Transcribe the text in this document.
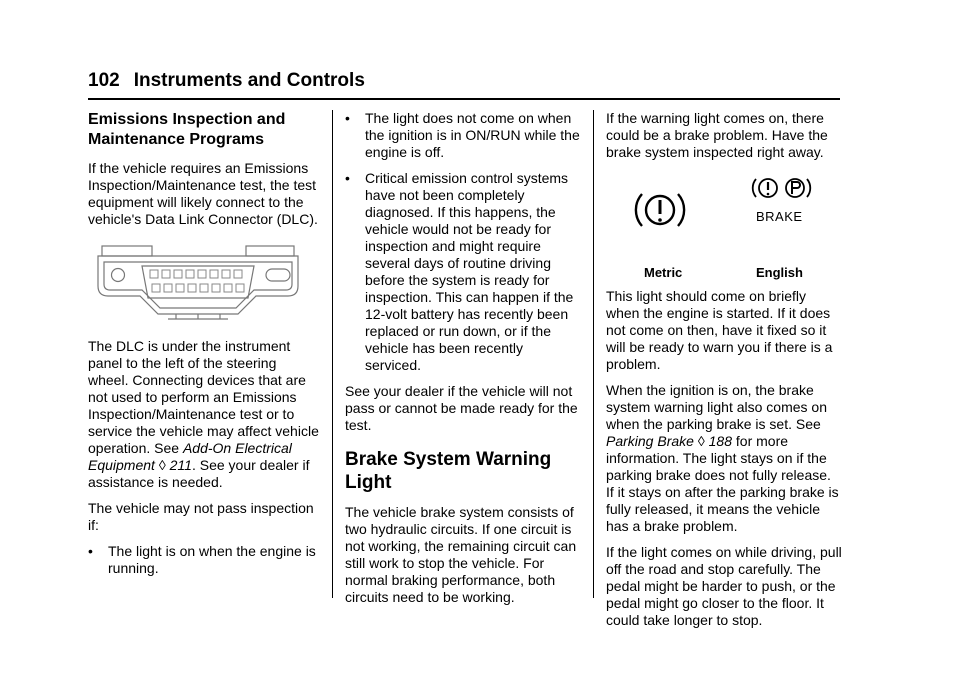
102 Instruments and Controls
Emissions Inspection and Maintenance Programs

If the vehicle requires an Emissions Inspection/Maintenance test, the test equipment will likely connect to the vehicle's Data Link Connector (DLC).

The DLC is under the instrument panel to the left of the steering wheel. Connecting devices that are not used to perform an Emissions Inspection/Maintenance test or to service the vehicle may affect vehicle operation. See Add-On Electrical Equipment ◊ 211. See your dealer if assistance is needed.

The vehicle may not pass inspection if:

• The light is on when the engine is running.
• The light does not come on when the ignition is in ON/RUN while the engine is off.
• Critical emission control systems have not been completely diagnosed. If this happens, the vehicle would not be ready for inspection and might require several days of routine driving before the system is ready for inspection. This can happen if the 12-volt battery has recently been replaced or run down, or if the vehicle has been recently serviced.

See your dealer if the vehicle will not pass or cannot be made ready for the test.

Brake System Warning Light

The vehicle brake system consists of two hydraulic circuits. If one circuit is not working, the remaining circuit can still work to stop the vehicle. For normal braking performance, both circuits need to be working.

If the warning light comes on, there could be a brake problem. Have the brake system inspected right away.

BRAKE
Metric	English

This light should come on briefly when the engine is started. If it does not come on then, have it fixed so it will be ready to warn you if there is a problem.

When the ignition is on, the brake system warning light also comes on when the parking brake is set. See Parking Brake ◊ 188 for more information. The light stays on if the parking brake does not fully release. If it stays on after the parking brake is fully released, it means the vehicle has a brake problem.

If the light comes on while driving, pull off the road and stop carefully. The pedal might be harder to push, or the pedal might go closer to the floor. It could take longer to stop.
